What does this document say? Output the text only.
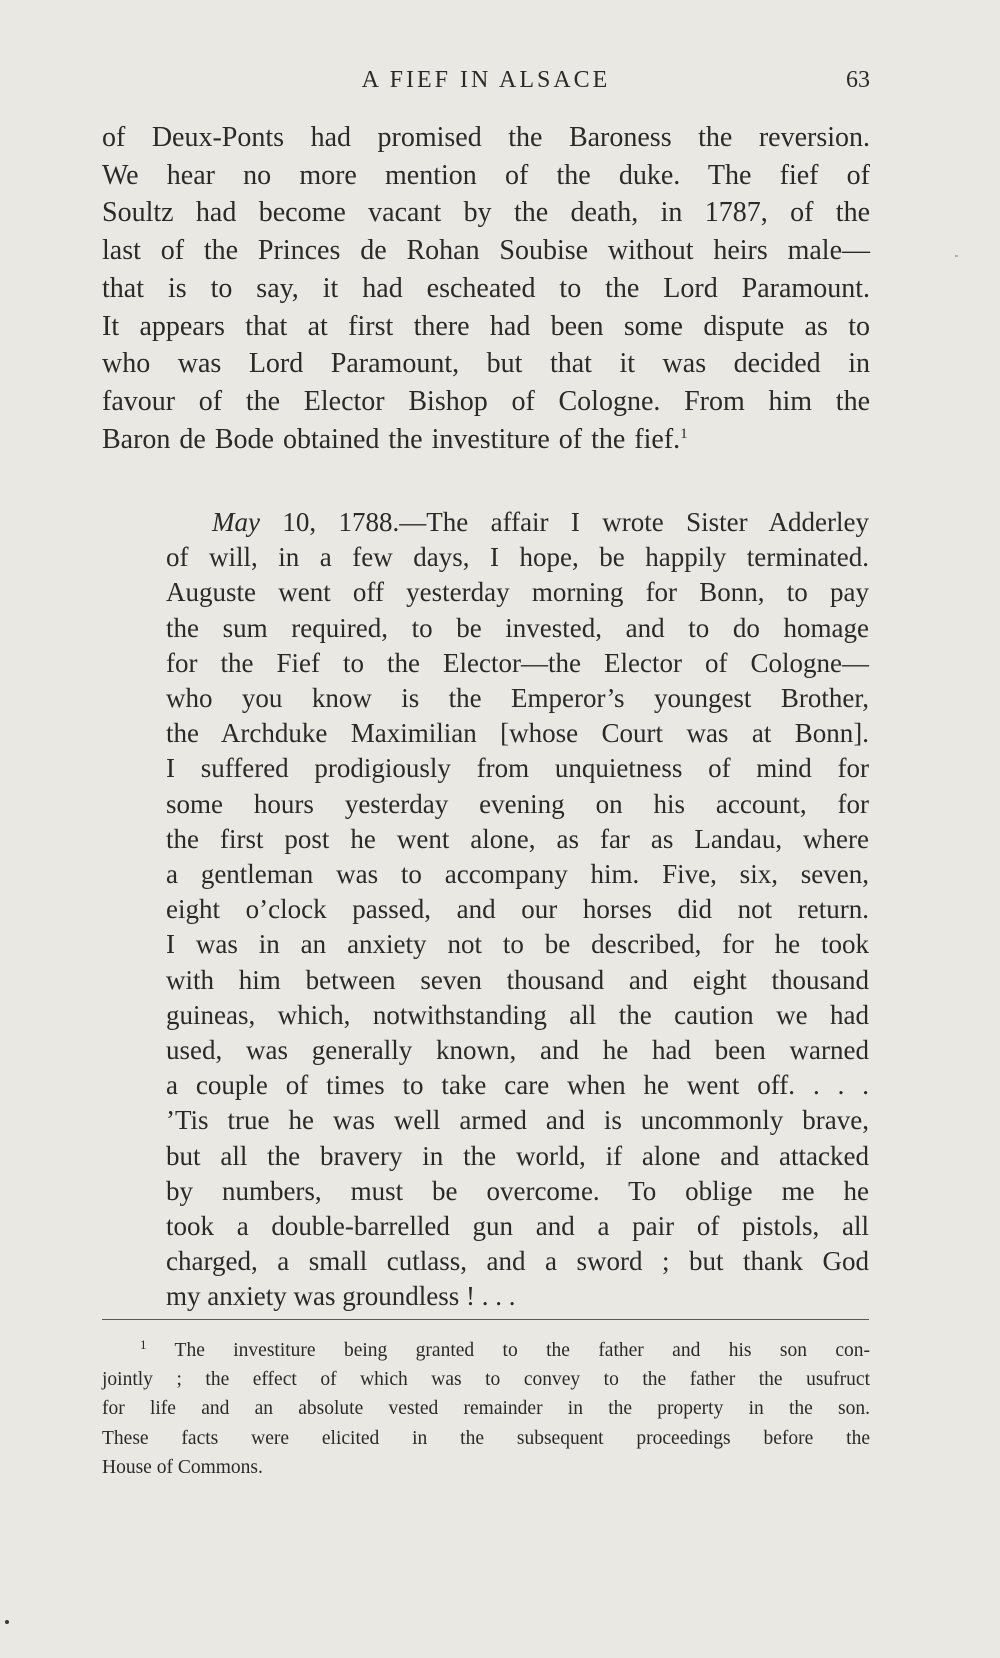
A FIEF IN ALSACE	63

of Deux-Ponts had promised the Baroness the reversion.
We hear no more mention of the duke. The fief of
Soultz had become vacant by the death, in 1787, of the
last of the Princes de Rohan Soubise without heirs male—
that is to say, it had escheated to the Lord Paramount.
It appears that at first there had been some dispute as to
who was Lord Paramount, but that it was decided in
favour of the Elector Bishop of Cologne. From him the
Baron de Bode obtained the investiture of the fief.$^1$

May 10, 1788.—The affair I wrote Sister Adderley
of will, in a few days, I hope, be happily terminated.
Auguste went off yesterday morning for Bonn, to pay
the sum required, to be invested, and to do homage
for the Fief to the Elector—the Elector of Cologne—
who you know is the Emperor’s youngest Brother,
the Archduke Maximilian [whose Court was at Bonn].
I suffered prodigiously from unquietness of mind for
some hours yesterday evening on his account, for
the first post he went alone, as far as Landau, where
a gentleman was to accompany him. Five, six, seven,
eight o’clock passed, and our horses did not return.
I was in an anxiety not to be described, for he took
with him between seven thousand and eight thousand
guineas, which, notwithstanding all the caution we had
used, was generally known, and he had been warned
a couple of times to take care when he went off. . . .
’Tis true he was well armed and is uncommonly brave,
but all the bravery in the world, if alone and attacked
by numbers, must be overcome. To oblige me he
took a double-barrelled gun and a pair of pistols, all
charged, a small cutlass, and a sword ; but thank God
my anxiety was groundless ! . . .
$^1$ The investiture being granted to the father and his son con-
jointly ; the effect of which was to convey to the father the usufruct
for life and an absolute vested remainder in the property in the son.
These facts were elicited in the subsequent proceedings before the
House of Commons.
